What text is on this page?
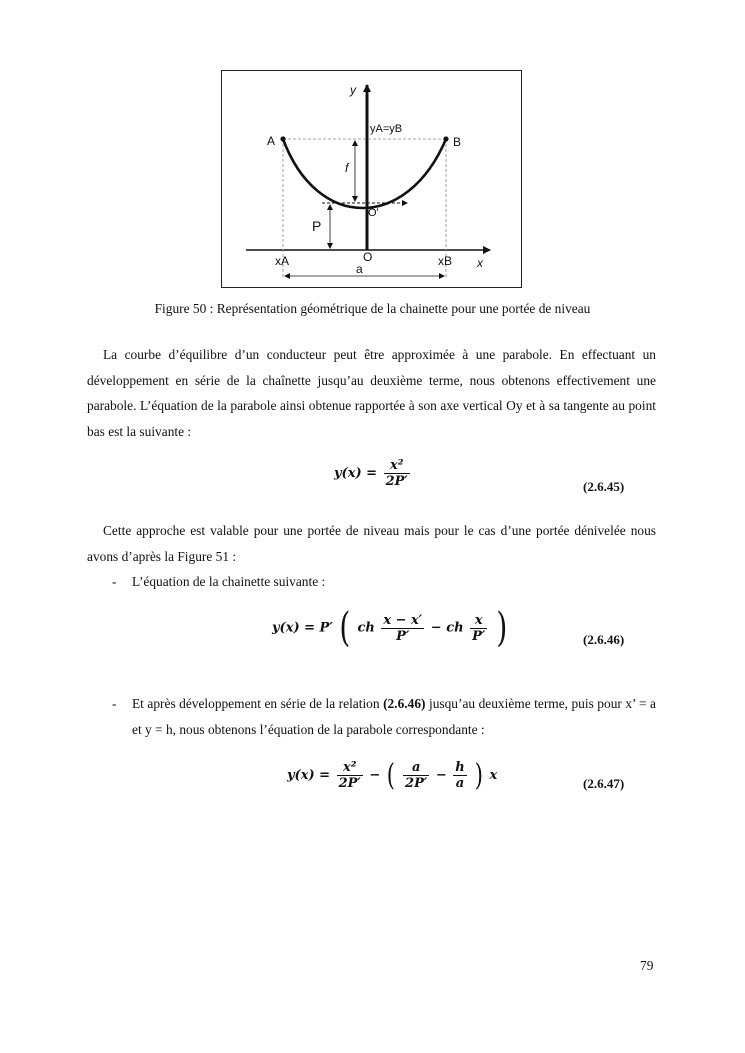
y
x
yA=yB
A	B
f
O'
P
xA	O	xB
a
Figure 50 : Représentation géométrique de la chainette pour une portée de niveau

La courbe d’équilibre d’un conducteur peut être approximée à une parabole. En effectuant un développement en série de la chaînette jusqu’au deuxième terme, nous obtenons effectivement une parabole. L’équation de la parabole ainsi obtenue rapportée à son axe vertical Oy et à sa tangente au point bas est la suivante :

$y(x) = \frac{\text{x²}}{2P'}$	(2.6.45)

Cette approche est valable pour une portée de niveau mais pour le cas d’une portée dénivelée nous avons d’après la Figure 51 :

- L’équation de la chainette suivante :
y(x) = P′ ( ch $\frac{x - x'}{P'}$ − ch $\frac{x}{P'}$ )	(2.6.46)
- Et après développement en série de la relation (2.6.46) jusqu’au deuxième terme, puis pour x’ = a et y = h, nous obtenons l’équation de la parabole correspondante :
$y(x) = \frac{\text{x²}}{2P'}$ − ( $\frac{a}{2P'} - \frac{h}{a}$ ) x
(2.6.47)
79
